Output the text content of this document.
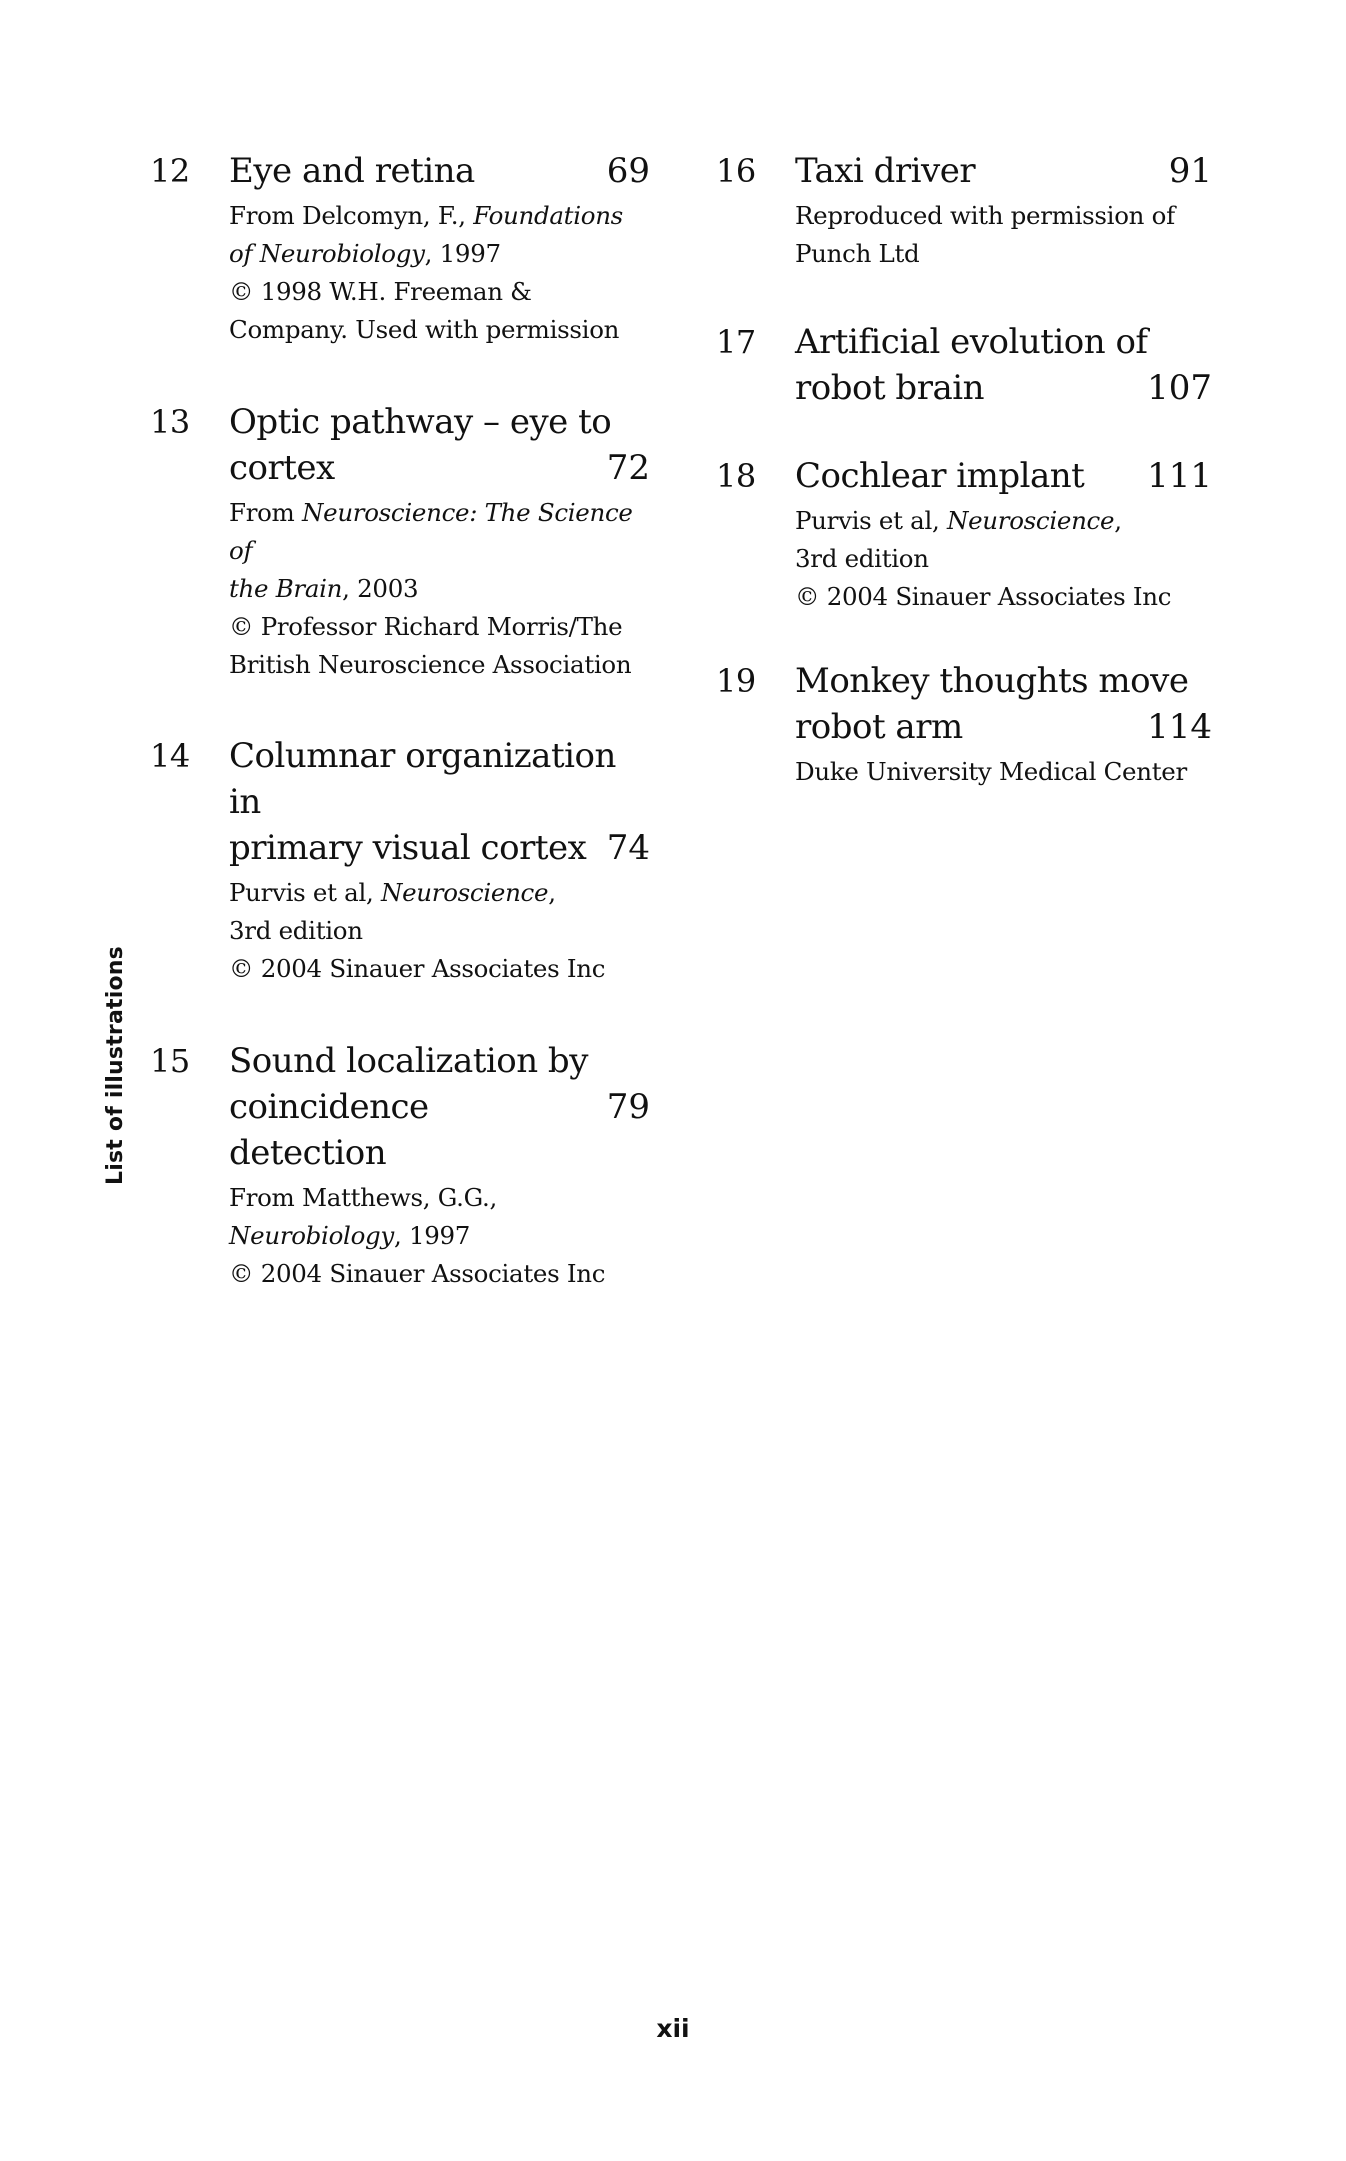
12	Eye and retina	69
From Delcomyn, F., Foundations
of Neurobiology, 1997
© 1998 W.H. Freeman &
Company. Used with permission
13	Optic pathway – eye to
cortex	72
From Neuroscience: The Science of
the Brain, 2003
© Professor Richard Morris/The
British Neuroscience Association
14	Columnar organization in
primary visual cortex 74
Purvis et al, Neuroscience,
3rd edition
© 2004 Sinauer Associates Inc
15	Sound localization by
coincidence detection
79
From Matthews, G.G.,
Neurobiology, 1997
© 2004 Sinauer Associates Inc
16	Taxi driver	91
Reproduced with permission of
Punch Ltd
17	Artificial evolution of
robot brain	107
18	Cochlear implant 111
Purvis et al, Neuroscience,
3rd edition
© 2004 Sinauer Associates Inc
19	Monkey thoughts move
robot arm	114
Duke University Medical Center
List of illustrations
xii
